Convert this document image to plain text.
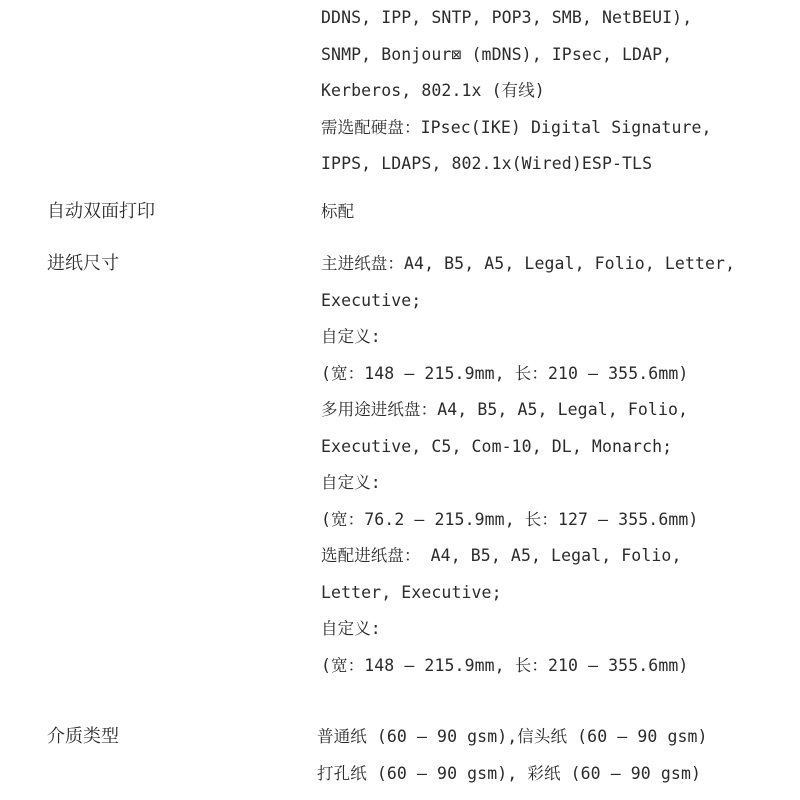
DDNS, IPP, SNTP, POP3, SMB, NetBEUI),
SNMP, Bonjour⊠ (mDNS), IPsec, LDAP,
Kerberos, 802.1x (有线)
需选配硬盘：IPsec(IKE) Digital Signature,
IPPS, LDAPS, 802.1x(Wired)ESP-TLS
自动双面打印	标配
进纸尺寸	主进纸盘：A4, B5, A5, Legal, Folio, Letter,
Executive;
自定义:
(宽：148 – 215.9mm, 长：210 – 355.6mm)
多用途进纸盘：A4, B5, A5, Legal, Folio,
Executive, C5, Com-10, DL, Monarch;
自定义:
(宽：76.2 – 215.9mm, 长：127 – 355.6mm)
选配进纸盘： A4, B5, A5, Legal, Folio,
Letter, Executive;
自定义:
(宽：148 – 215.9mm, 长：210 – 355.6mm)
介质类型	普通纸 (60 – 90 gsm),信头纸 (60 – 90 gsm)
打孔纸 (60 – 90 gsm), 彩纸 (60 – 90 gsm)
